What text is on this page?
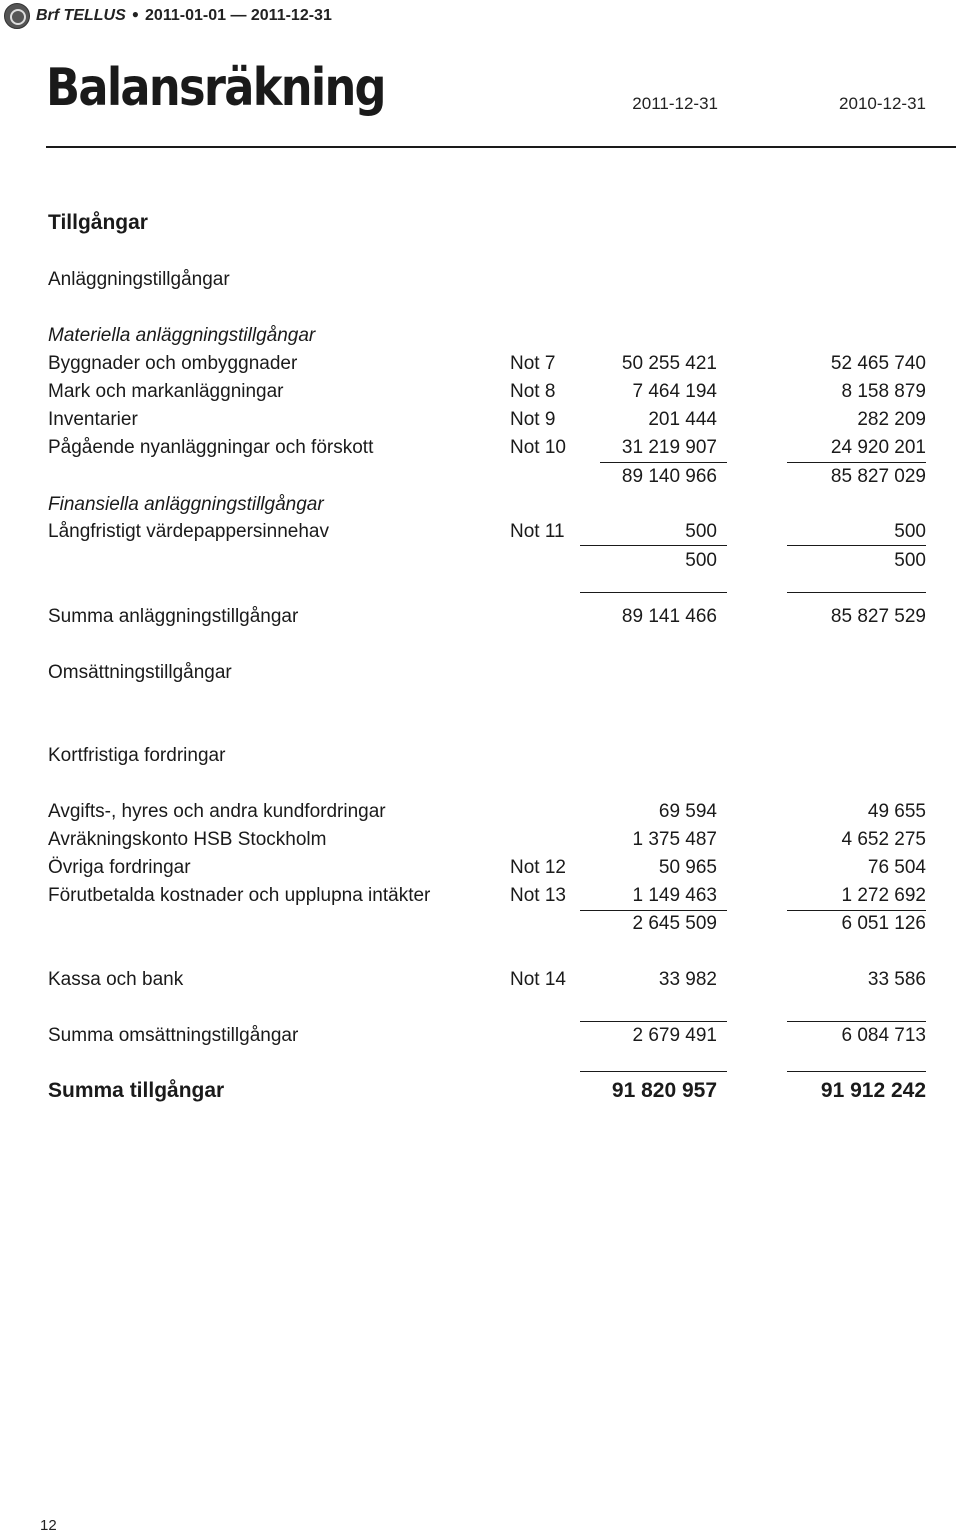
Brf TELLUS ● 2011-01-01 — 2011-12-31
Balansräkning	2011-12-31	2010-12-31
Tillgångar
Anläggningstillgångar
Materiella anläggningstillgångar
Byggnader och ombyggnader	Not 7	50 255 421	52 465 740
Mark och markanläggningar	Not 8	7 464 194	8 158 879
Inventarier	Not 9	201 444	282 209
Pågående nyanläggningar och förskott	Not 10	31 219 907	24 920 201
89 140 966	85 827 029
Finansiella anläggningstillgångar
Långfristigt värdepappersinnehav	Not 11	500	500
500	500
Summa anläggningstillgångar	89 141 466	85 827 529
Omsättningstillgångar
Kortfristiga fordringar
Avgifts-, hyres och andra kundfordringar	69 594	49 655
Avräkningskonto HSB Stockholm	1 375 487	4 652 275
Övriga fordringar	Not 12	50 965	76 504
Förutbetalda kostnader och upplupna intäkter	Not 13	1 149 463	1 272 692
2 645 509	6 051 126
Kassa och bank	Not 14	33 982	33 586
Summa omsättningstillgångar	2 679 491	6 084 713
Summa tillgångar	91 820 957	91 912 242
12
